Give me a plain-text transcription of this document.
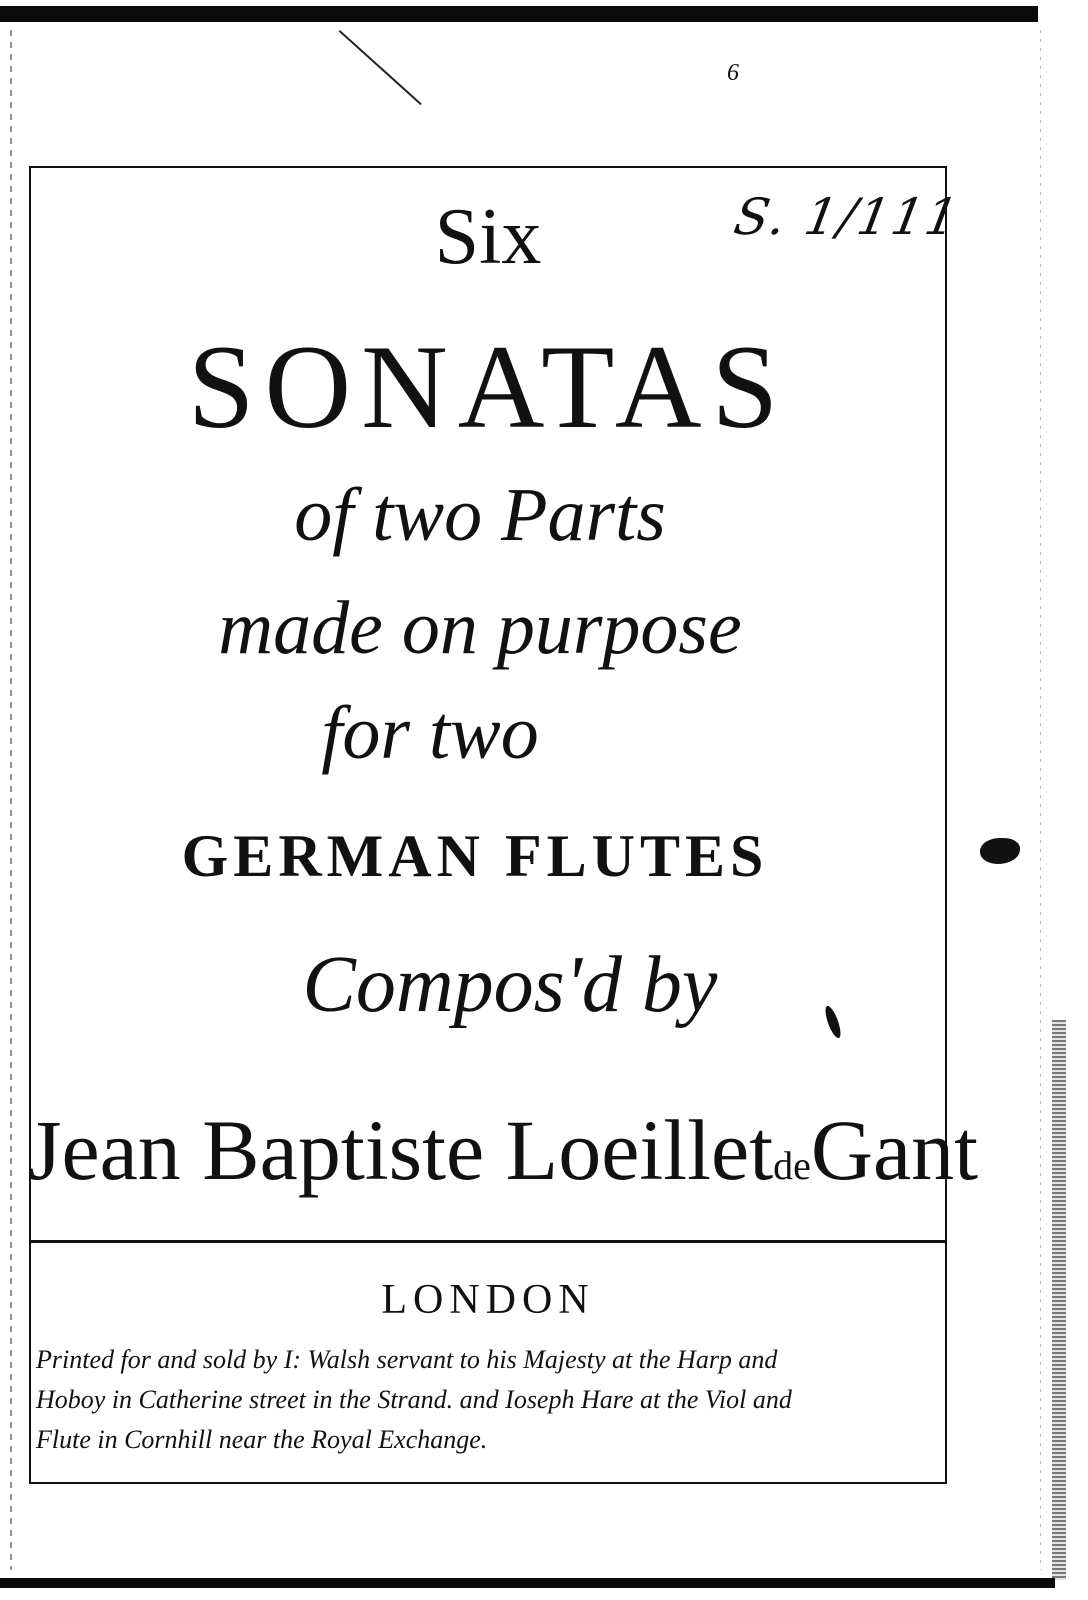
6
S. 1/111
Six
SONATAS
of two Parts
made on purpose
for two
GERMAN FLUTES
Compos'd by
Jean Baptiste LoeilletdeGant
LONDON
Printed for and sold by I: Walsh servant to his Majesty at the Harp and
Hoboy in Catherine street in the Strand. and Ioseph Hare at the Viol and
Flute in Cornhill near the Royal Exchange.
